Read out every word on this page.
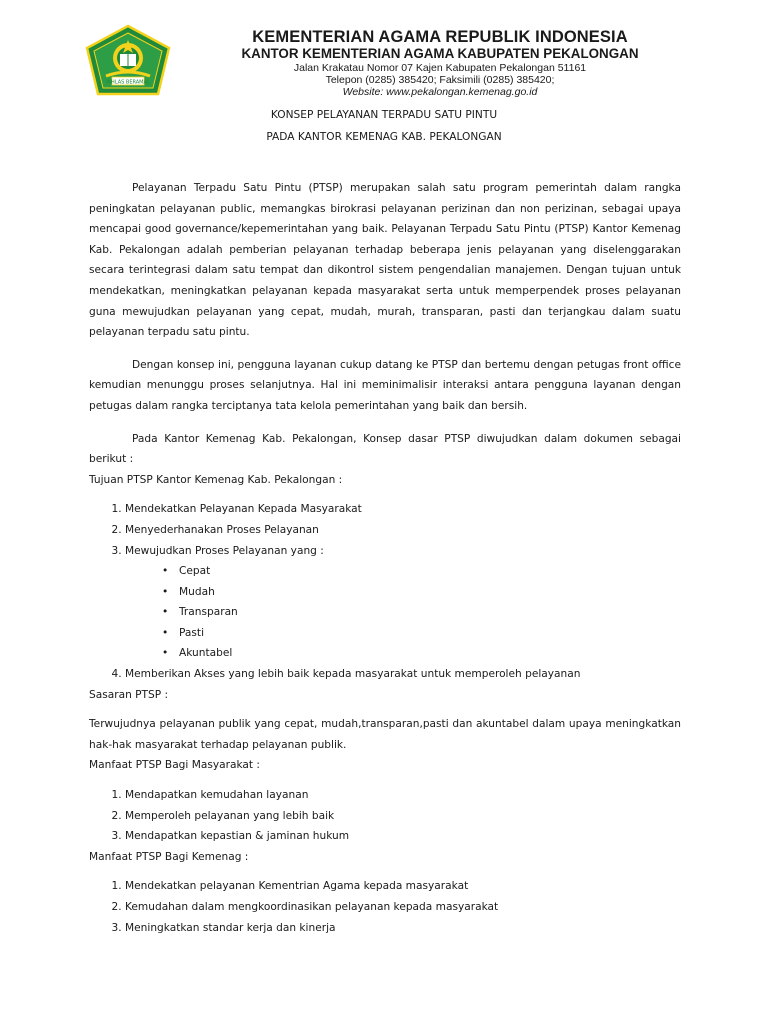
IKHLAS BERAMAL
KEMENTERIAN AGAMA REPUBLIK INDONESIA
KANTOR KEMENTERIAN AGAMA KABUPATEN PEKALONGAN
Jalan Krakatau Nomor 07 Kajen Kabupaten Pekalongan 51161
Telepon (0285) 385420; Faksimili (0285) 385420;
Website: www.pekalongan.kemenag.go.id
KONSEP PELAYANAN TERPADU SATU PINTU
PADA KANTOR KEMENAG KAB. PEKALONGAN

Pelayanan Terpadu Satu Pintu (PTSP) merupakan salah satu program pemerintah dalam rangka peningkatan pelayanan public, memangkas birokrasi pelayanan perizinan dan non perizinan, sebagai upaya mencapai good governance/kepemerintahan yang baik. Pelayanan Terpadu Satu Pintu (PTSP) Kantor Kemenag Kab. Pekalongan adalah pemberian pelayanan terhadap beberapa jenis pelayanan yang diselenggarakan secara terintegrasi dalam satu tempat dan dikontrol sistem pengendalian manajemen. Dengan tujuan untuk mendekatkan, meningkatkan pelayanan kepada masyarakat serta untuk memperpendek proses pelayanan guna mewujudkan pelayanan yang cepat, mudah, murah, transparan, pasti dan terjangkau dalam suatu pelayanan terpadu satu pintu.

Dengan konsep ini, pengguna layanan cukup datang ke PTSP dan bertemu dengan petugas front office kemudian menunggu proses selanjutnya. Hal ini meminimalisir interaksi antara pengguna layanan dengan petugas dalam rangka terciptanya tata kelola pemerintahan yang baik dan bersih.

Pada Kantor Kemenag Kab. Pekalongan, Konsep dasar PTSP diwujudkan dalam dokumen sebagai berikut :

Tujuan PTSP Kantor Kemenag Kab. Pekalongan :

1. Mendekatkan Pelayanan Kepada Masyarakat
2. Menyederhanakan Proses Pelayanan
3. Mewujudkan Proses Pelayanan yang :
• Cepat
• Mudah
• Transparan
• Pasti
• Akuntabel
4. Memberikan Akses yang lebih baik kepada masyarakat untuk memperoleh pelayanan

Sasaran PTSP :

Terwujudnya pelayanan publik yang cepat, mudah,transparan,pasti dan akuntabel dalam upaya meningkatkan hak-hak masyarakat terhadap pelayanan publik.

Manfaat PTSP Bagi Masyarakat :

1. Mendapatkan kemudahan layanan
2. Memperoleh pelayanan yang lebih baik
3. Mendapatkan kepastian & jaminan hukum

Manfaat PTSP Bagi Kemenag :

1. Mendekatkan pelayanan Kementrian Agama kepada masyarakat
2. Kemudahan dalam mengkoordinasikan pelayanan kepada masyarakat
3. Meningkatkan standar kerja dan kinerja
